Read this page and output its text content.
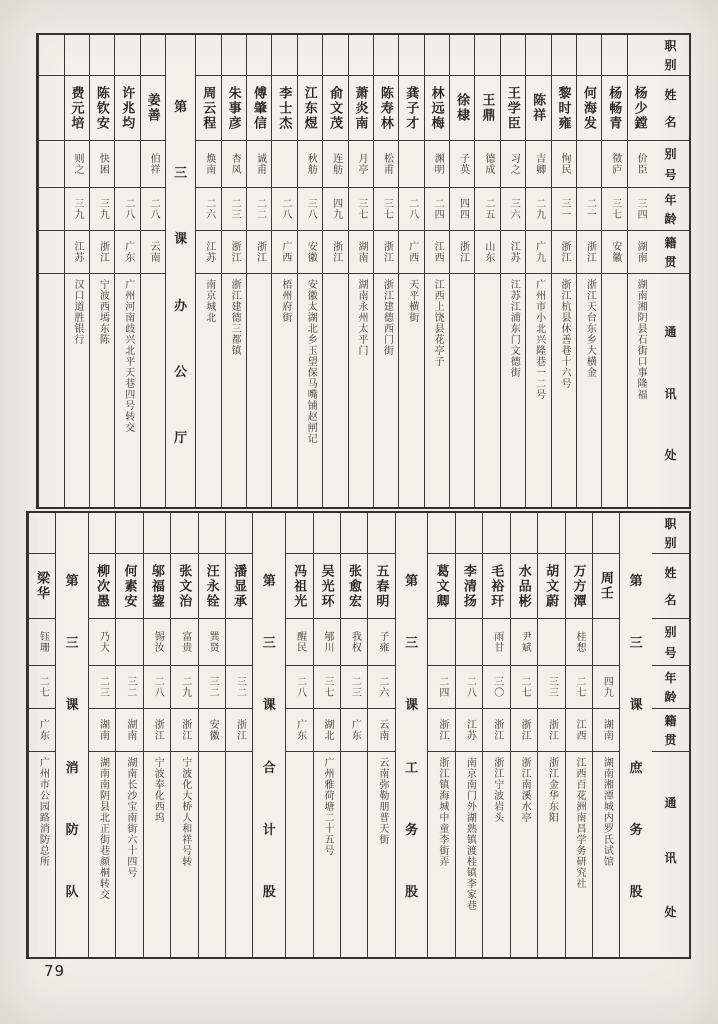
职
别
姓
名
别
号
年
龄
籍
贯
通
讯
处
杨少鏜
价臣
三四
湖南
湖南湘阴县石街口事隆福
杨畅青
徵庐
三七
安徽
何海发
二一
浙江
浙江天台东乡大横金
黎时雍
恂民
三一
浙江
浙江杭县休善巷十六号
陈祥
吉卿
二九
广九
广州市小北兴隆巷一二号
王学臣
习之
三六
江苏
江苏江浦东门文德街
王鼎
德成
二五
山东
徐棣
子英
四四
浙江
林远梅
渊明
二四
江西
江西上饶县花亭子
龚子才
二八
广西
天平横街
陈寿林
松甫
三七
浙江
浙江建德西门街
萧炎南
月亭
三七
湖南
湖南永州太平门
俞文茂
连舫
四九
浙江
江东煜
秋舫
三八
安徽
安徽太湖北乡玉望保马嘴铺赵闸记
李士杰
二八
广西
梧州府街
傅肇信
诚甫
二二
浙江
朱事彦
杏凤
二三
浙江
浙江建德三都镇
周云程
焕南
二六
江苏
南京城北
第
三
课
办
公
厅
姜善
伯祥
二八
云南
许兆均
二八
广东
广州河南歧兴北平天巷四号转交
陈钦安
快困
三九
浙江
宁波西墕东陈
费元培
则之
三九
江苏
汉口道胜银行
职
别
姓
名
别
号
年
龄
籍
贯
通
讯
处
第
三
课
庶
务
股
周壬
四九
湖南
湖南湘潭城内罗氏试馆
万方潭
桂惒
二七
江西
江西百花洲南昌学务研究社
胡文蔚
三三
浙江
浙江金华东阳
水品彬
尹斌
二七
浙江
浙江南溪水亭
毛裕玕
雨甘
三〇
浙江
浙江宁波岩头
李清扬
二八
江苏
南京南门外湖熟镇渡桂镇李家巷
葛文卿
二四
浙江
浙江镇海城中童李街弄
第
三
课
工
务
股
五春明
子雍
二六
云南
云南弥勒朋普天街
张愈宏
我权
二三
广东
吴光环
郇川
三七
湖北
广州雅荷塘二十五号
冯祖光
醒民
二八
广东
第
三
课
合
计
股
潘显承
三二
浙江
汪永铨
巽贤
三二
安徽
张文治
富贵
二九
浙江
宁波化大桥人和祥号转
邬福鋆
锡汝
二八
浙江
宁波奉化西坞
何素安
三二
湖南
湖南长沙宝南街六十四号
柳次愚
乃大
二三
湖南
湖南南阴县北正街巷颜桐转交
第
三
课
消
防
队
梁华
钰珊
二七
广东
广州市公园路消防总所
79
